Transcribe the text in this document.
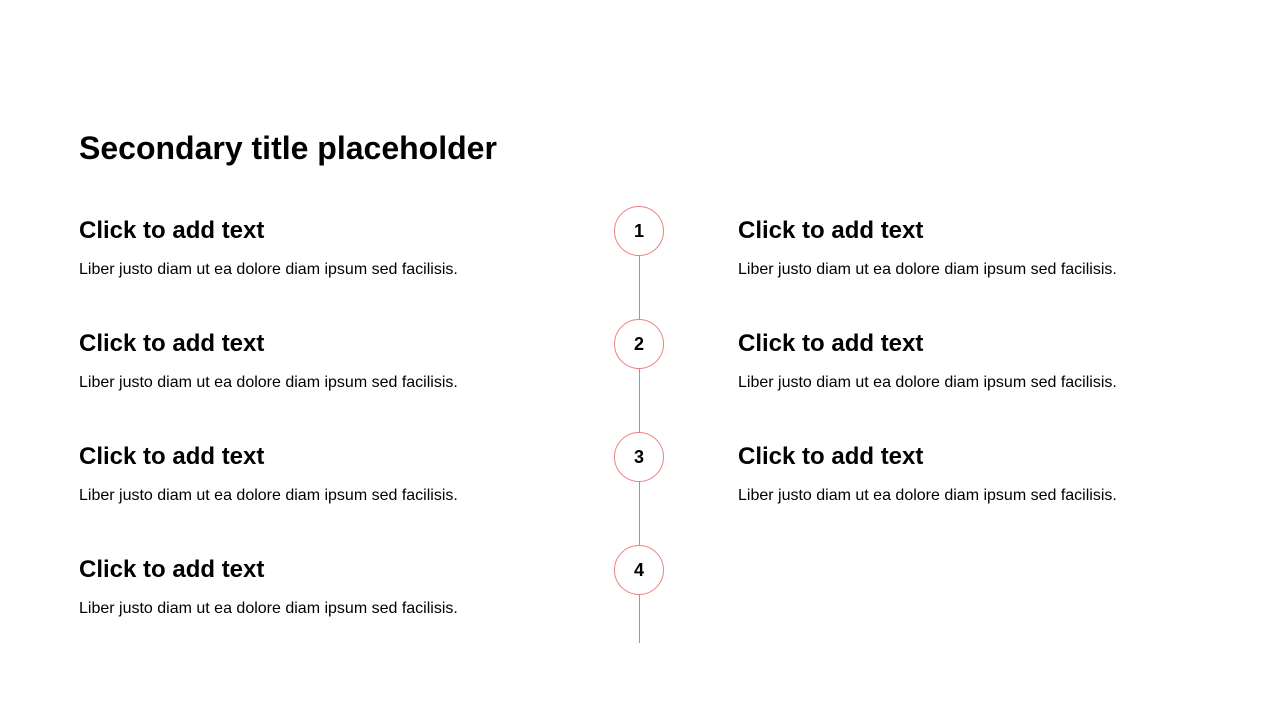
Secondary title placeholder
Click to add text

Liber justo diam ut ea dolore diam ipsum sed facilisis.

Click to add text

Liber justo diam ut ea dolore diam ipsum sed facilisis.

Click to add text

Liber justo diam ut ea dolore diam ipsum sed facilisis.

Click to add text

Liber justo diam ut ea dolore diam ipsum sed facilisis.

1
2
3
4
Click to add text

Liber justo diam ut ea dolore diam ipsum sed facilisis.

Click to add text

Liber justo diam ut ea dolore diam ipsum sed facilisis.

Click to add text

Liber justo diam ut ea dolore diam ipsum sed facilisis.
